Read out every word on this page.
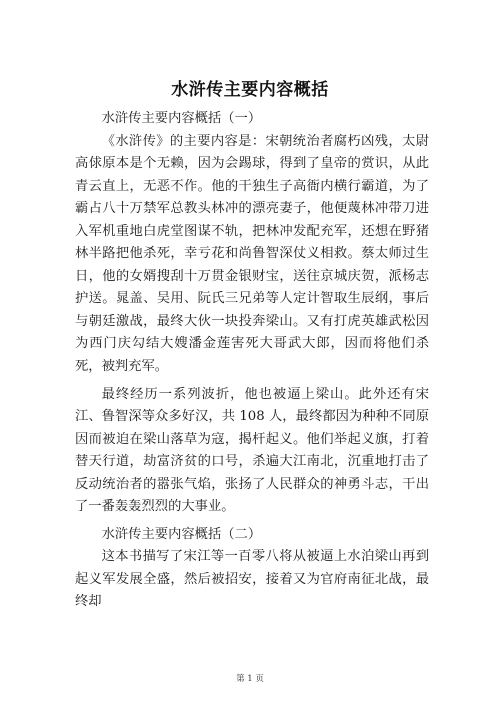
水浒传主要内容概括

水浒传主要内容概括（一）

《水浒传》的主要内容是：宋朝统治者腐朽凶残，太尉高俅原本是个无赖，因为会踢球，得到了皇帝的赏识，从此青云直上，无恶不作。他的干独生子高衙内横行霸道，为了霸占八十万禁军总教头林冲的漂亮妻子，他便蔑林冲带刀进入军机重地白虎堂图谋不轨，把林冲发配充军，还想在野猪林半路把他杀死，幸亏花和尚鲁智深仗义相救。蔡太师过生日，他的女婿搜刮十万贯金银财宝，送往京城庆贺，派杨志护送。晁盖、吴用、阮氏三兄弟等人定计智取生辰纲，事后与朝廷激战，最终大伙一块投奔梁山。又有打虎英雄武松因为西门庆勾结大嫂潘金莲害死大哥武大郎，因而将他们杀死，被判充军。

最终经历一系列波折，他也被逼上梁山。此外还有宋江、鲁智深等众多好汉，共 108 人，最终都因为种种不同原因而被迫在梁山落草为寇，揭杆起义。他们举起义旗，打着替天行道，劫富济贫的口号，杀遍大江南北，沉重地打击了反动统治者的嚣张气焰，张扬了人民群众的神勇斗志，干出了一番轰轰烈烈的大事业。

水浒传主要内容概括（二）

这本书描写了宋江等一百零八将从被逼上水泊梁山再到起义军发展全盛，然后被招安，接着又为官府南征北战，最终却

第 1 页
